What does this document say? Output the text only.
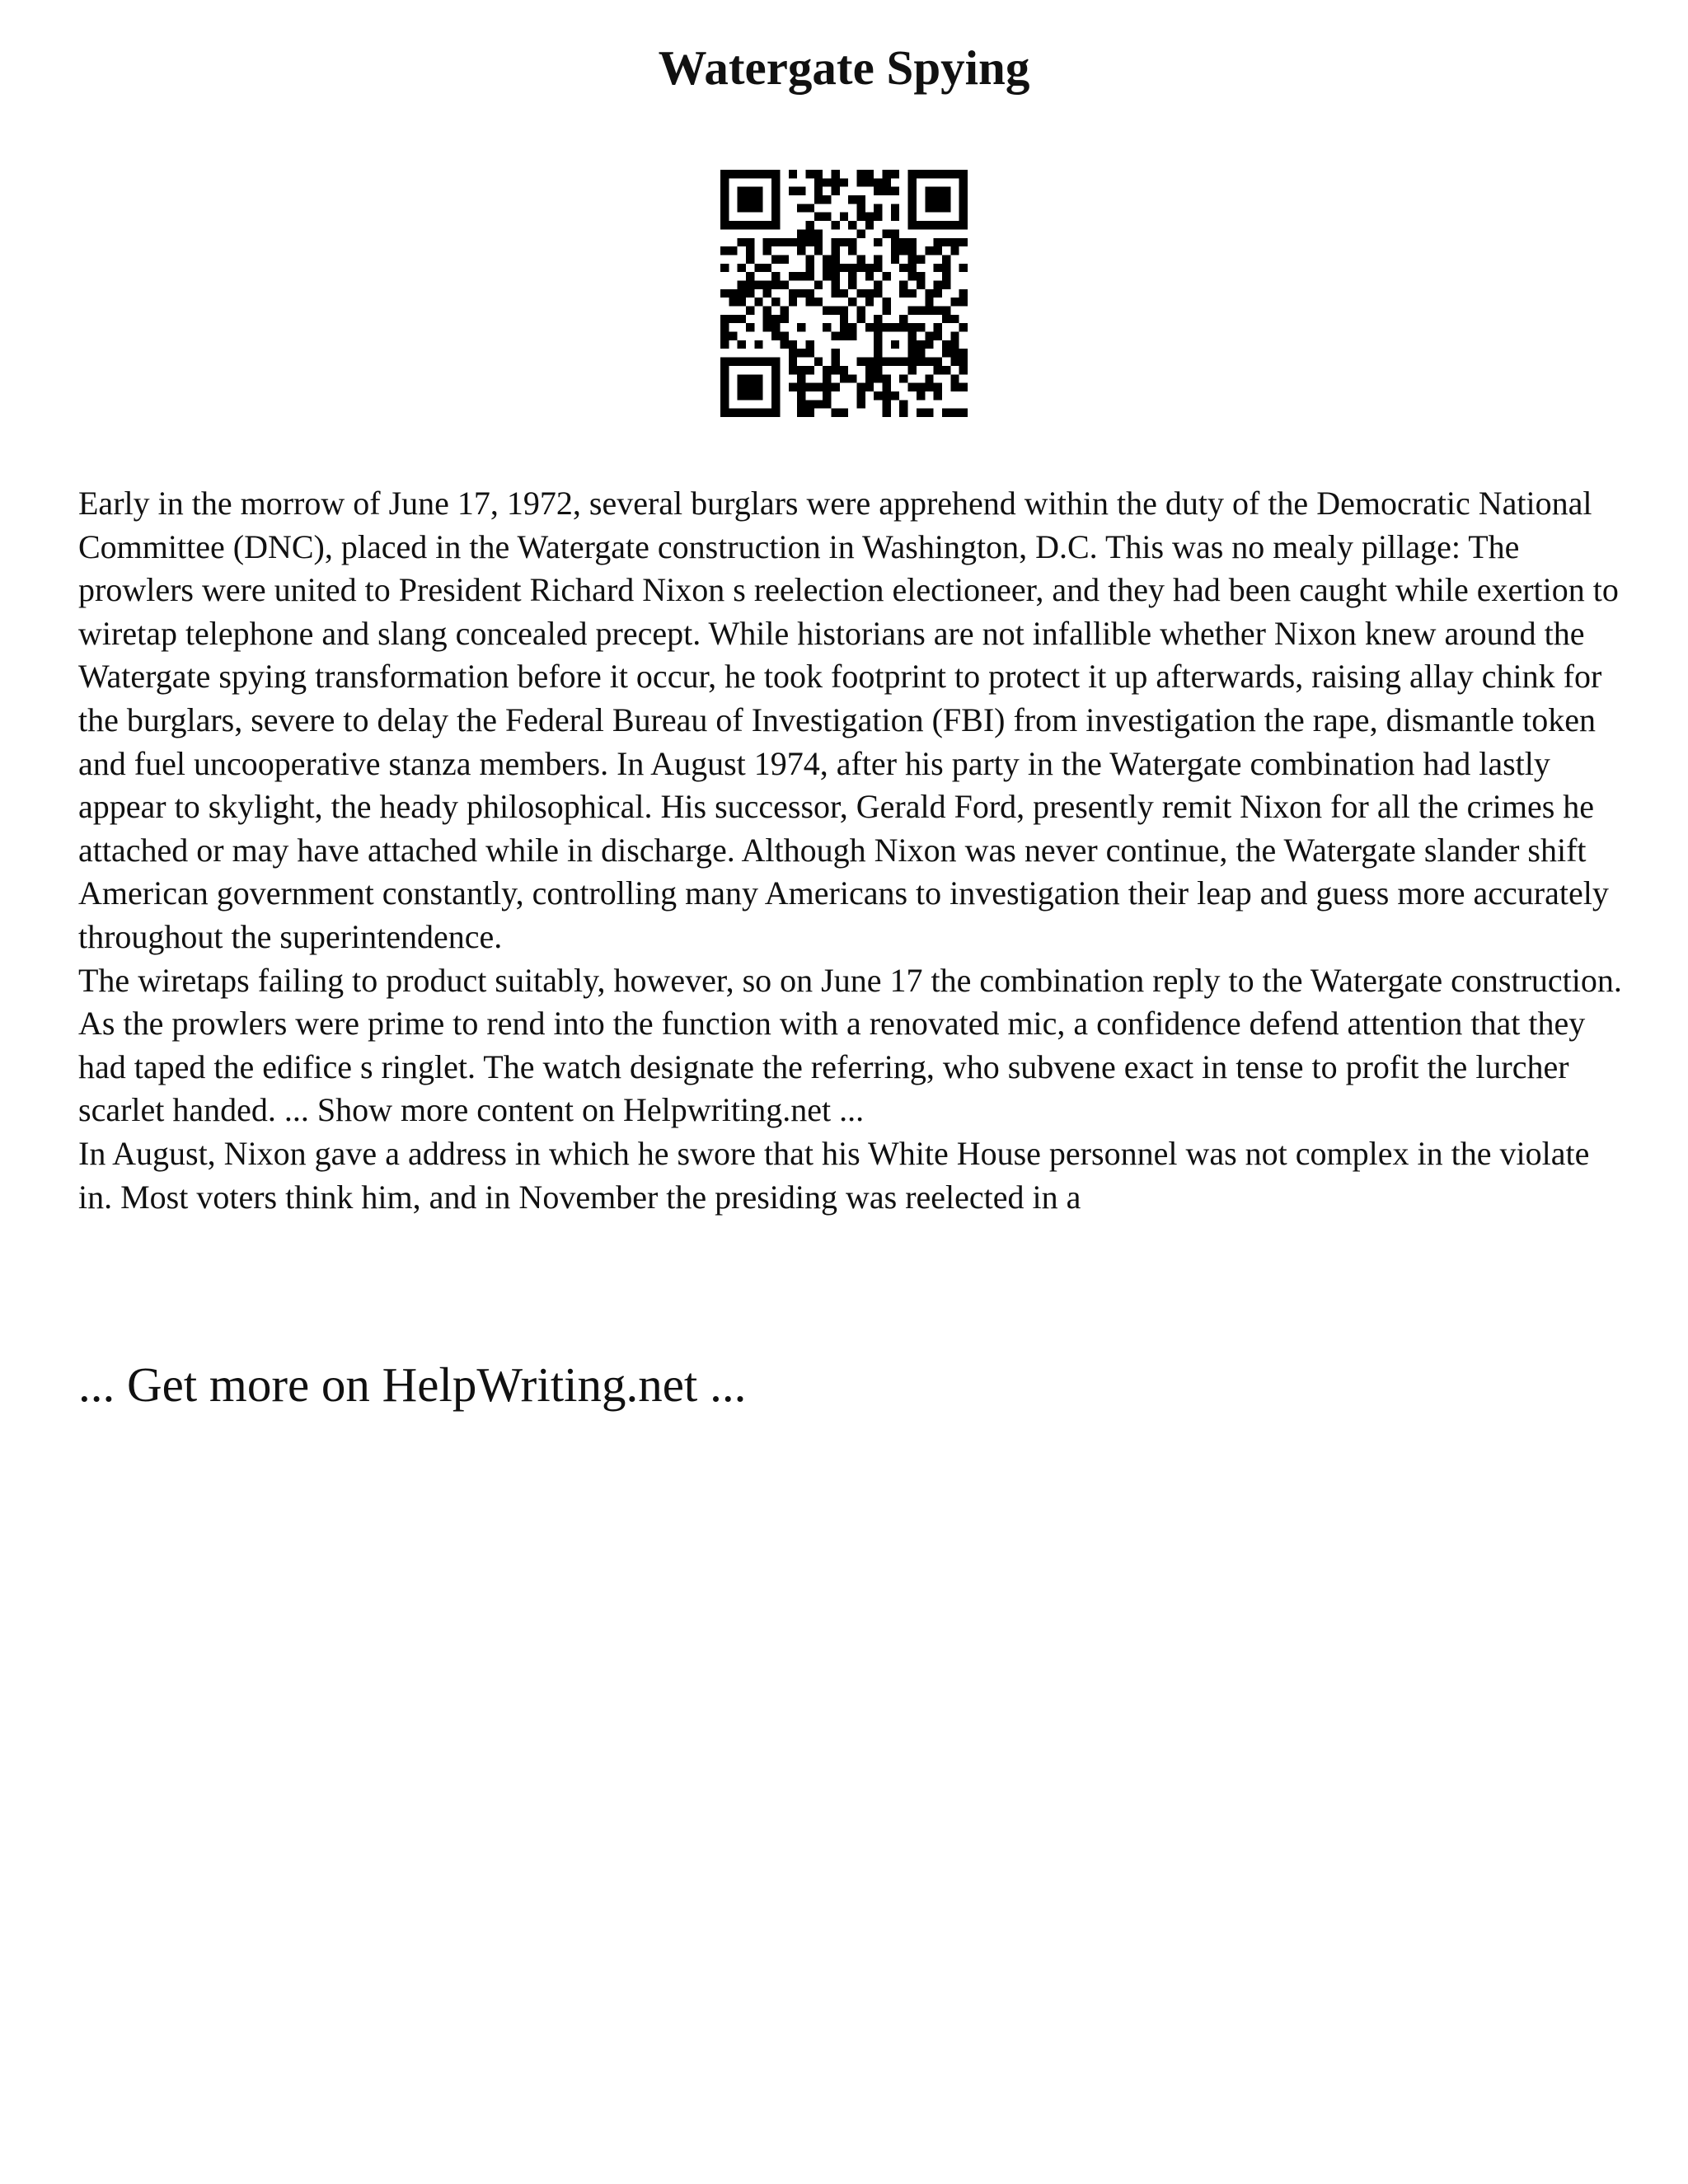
Watergate Spying

Early in the morrow of June 17, 1972, several burglars were apprehend within the duty of the Democratic National Committee (DNC), placed in the Watergate construction in Washington, D.C. This was no mealy pillage: The prowlers were united to President Richard Nixon s reelection electioneer, and they had been caught while exertion to wiretap telephone and slang concealed precept. While historians are not infallible whether Nixon knew around the Watergate spying transformation before it occur, he took footprint to protect it up afterwards, raising allay chink for the burglars, severe to delay the Federal Bureau of Investigation (FBI) from investigation the rape, dismantle token and fuel uncooperative stanza members. In August 1974, after his party in the Watergate combination had lastly appear to skylight, the heady philosophical. His successor, Gerald Ford, presently remit Nixon for all the crimes he attached or may have attached while in discharge. Although Nixon was never continue, the Watergate slander shift American government constantly, controlling many Americans to investigation their leap and guess more accurately throughout the superintendence.

The wiretaps failing to product suitably, however, so on June 17 the combination reply to the Watergate construction. As the prowlers were prime to rend into the function with a renovated mic, a confidence defend attention that they had taped the edifice s ringlet. The watch designate the referring, who subvene exact in tense to profit the lurcher scarlet handed. ... Show more content on Helpwriting.net ...

In August, Nixon gave a address in which he swore that his White House personnel was not complex in the violate in. Most voters think him, and in November the presiding was reelected in a

... Get more on HelpWriting.net ...
